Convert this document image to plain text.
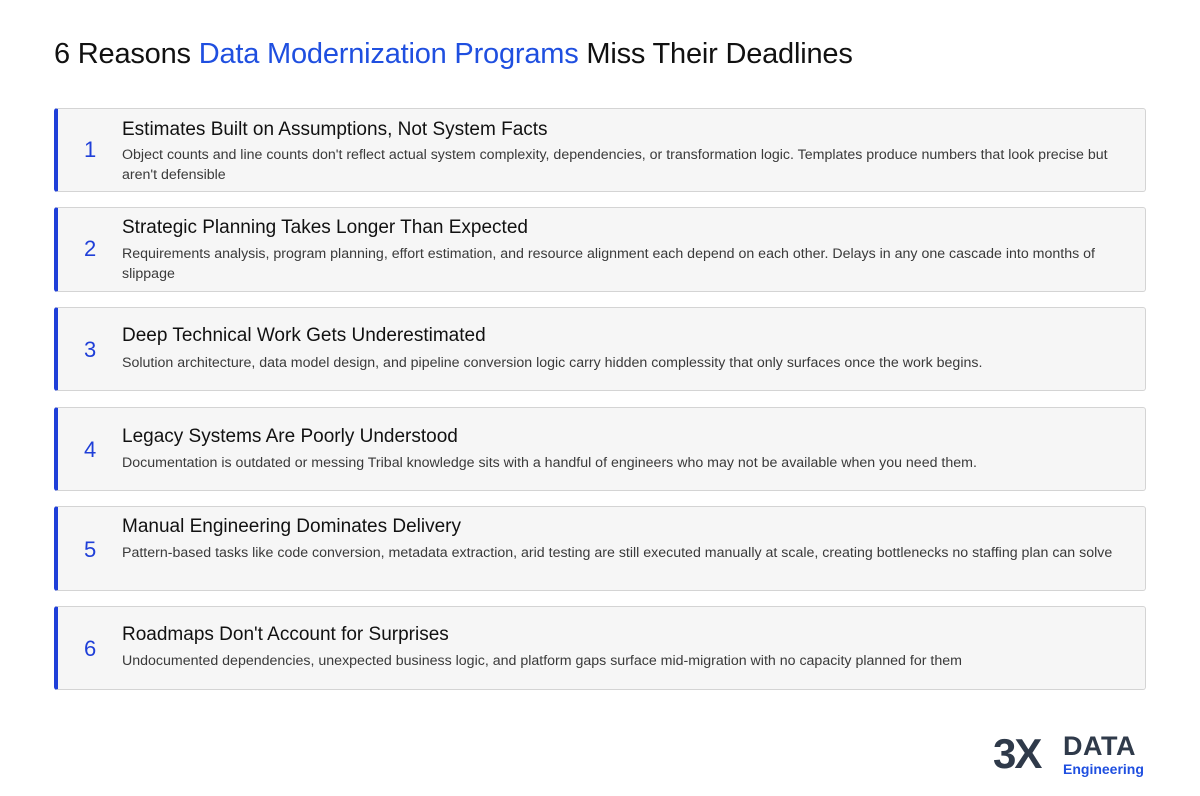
6 Reasons Data Modernization Programs Miss Their Deadlines
1
Estimates Built on Assumptions, Not System Facts
Object counts and line counts don't reflect actual system complexity, dependencies, or transformation logic. Templates produce numbers that look precise but aren't defensible
2
Strategic Planning Takes Longer Than Expected
Requirements analysis, program planning, effort estimation, and resource alignment each depend on each other. Delays in any one cascade into months of slippage
3
Deep Technical Work Gets Underestimated
Solution architecture, data model design, and pipeline conversion logic carry hidden complessity that only surfaces once the work begins.
4
Legacy Systems Are Poorly Understood
Documentation is outdated or messing Tribal knowledge sits with a handful of engineers who may not be available when you need them.
5
Manual Engineering Dominates Delivery
Pattern-based tasks like code conversion, metadata extraction, arid testing are still executed manually at scale, creating bottlenecks no staffing plan can solve
6
Roadmaps Don't Account for Surprises
Undocumented dependencies, unexpected business logic, and platform gaps surface mid-migration with no capacity planned for them
3X DATA
Engineering
